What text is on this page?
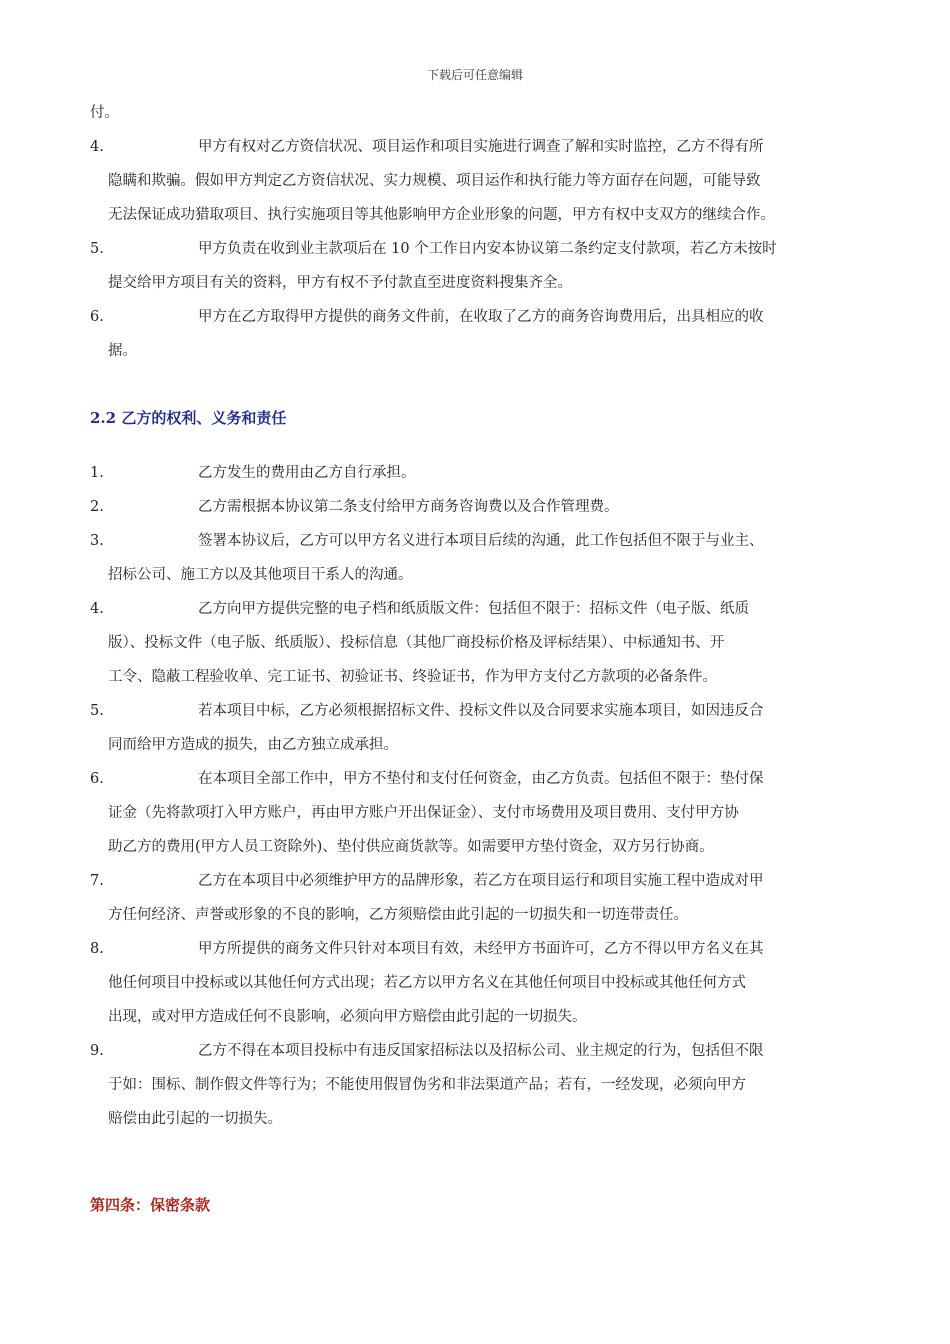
下载后可任意编辑
付。
4.	甲方有权对乙方资信状况、项目运作和项目实施进行调查了解和实时监控，乙方不得有所
隐瞒和欺骗。假如甲方判定乙方资信状况、实力规模、项目运作和执行能力等方面存在问题，可能导致
无法保证成功猎取项目、执行实施项目等其他影响甲方企业形象的问题，甲方有权中支双方的继续合作。
5.	甲方负责在收到业主款项后在 10 个工作日内安本协议第二条约定支付款项，若乙方未按时
提交给甲方项目有关的资料，甲方有权不予付款直至进度资料搜集齐全。
6.	甲方在乙方取得甲方提供的商务文件前，在收取了乙方的商务咨询费用后，出具相应的收
据。
2.2 乙方的权利、义务和责任
1.	乙方发生的费用由乙方自行承担。
2.	乙方需根据本协议第二条支付给甲方商务咨询费以及合作管理费。
3.	签署本协议后，乙方可以甲方名义进行本项目后续的沟通，此工作包括但不限于与业主、
招标公司、施工方以及其他项目干系人的沟通。
4.	乙方向甲方提供完整的电子档和纸质版文件：包括但不限于：招标文件（电子版、纸质
版）、投标文件（电子版、纸质版）、投标信息（其他厂商投标价格及评标结果）、中标通知书、开
工令、隐蔽工程验收单、完工证书、初验证书、终验证书，作为甲方支付乙方款项的必备条件。
5.	若本项目中标，乙方必须根据招标文件、投标文件以及合同要求实施本项目，如因违反合
同而给甲方造成的损失，由乙方独立成承担。
6.	在本项目全部工作中，甲方不垫付和支付任何资金，由乙方负责。包括但不限于：垫付保
证金（先将款项打入甲方账户，再由甲方账户开出保证金）、支付市场费用及项目费用、支付甲方协
助乙方的费用(甲方人员工资除外)、垫付供应商货款等。如需要甲方垫付资金，双方另行协商。
7.	乙方在本项目中必须维护甲方的品牌形象，若乙方在项目运行和项目实施工程中造成对甲
方任何经济、声誉或形象的不良的影响，乙方须赔偿由此引起的一切损失和一切连带责任。
8.	甲方所提供的商务文件只针对本项目有效，未经甲方书面许可，乙方不得以甲方名义在其
他任何项目中投标或以其他任何方式出现；若乙方以甲方名义在其他任何项目中投标或其他任何方式
出现，或对甲方造成任何不良影响，必须向甲方赔偿由此引起的一切损失。
9.	乙方不得在本项目投标中有违反国家招标法以及招标公司、业主规定的行为，包括但不限
于如：围标、制作假文件等行为；不能使用假冒伪劣和非法渠道产品；若有，一经发现，必须向甲方
赔偿由此引起的一切损失。
第四条：保密条款
